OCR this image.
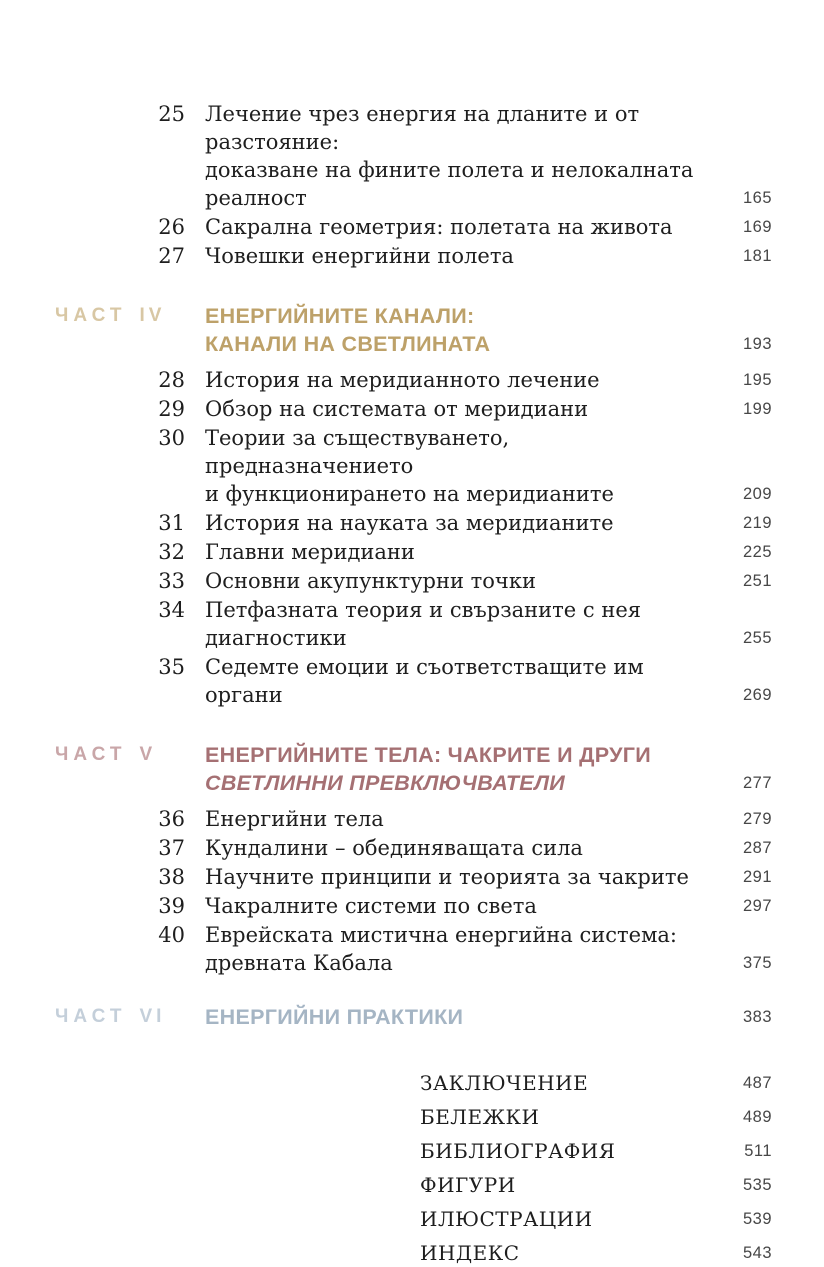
25 Лечение чрез енергия на дланите и от разстояние:
доказване на фините полета и нелокалната реалност	165
26 Сакрална геометрия: полетата на живота	169
27 Човешки енергийни полета	181
ЧАСТ IV	ЕНЕРГИЙНИТЕ КАНАЛИ:
КАНАЛИ НА СВЕТЛИНАТА	193
28 История на меридианното лечение	195
29 Обзор на системата от меридиани	199
30 Теории за съществуването, предназначението
и функционирането на меридианите	209
31 История на науката за меридианите	219
32 Главни меридиани	225
33 Основни акупунктурни точки	251
34 Петфазната теория и свързаните с нея диагностики	255
35 Седемте емоции и съответстващите им органи	269
ЧАСТ V	ЕНЕРГИЙНИТЕ ТЕЛА: ЧАКРИТЕ И ДРУГИ
СВЕТЛИННИ ПРЕВКЛЮЧВАТЕЛИ	277
36 Енергийни тела	279
37 Кундалини – обединяващата сила	287
38 Научните принципи и теорията за чакрите	291
39 Чакралните системи по света	297
40 Еврейската мистична енергийна система:
древната Кабала	375
ЧАСТ VI	ЕНЕРГИЙНИ ПРАКТИКИ	383
ЗАКЛЮЧЕНИЕ	487
БЕЛЕЖКИ	489
БИБЛИОГРАФИЯ	511
ФИГУРИ	535
ИЛЮСТРАЦИИ	539
ИНДЕКС	543
